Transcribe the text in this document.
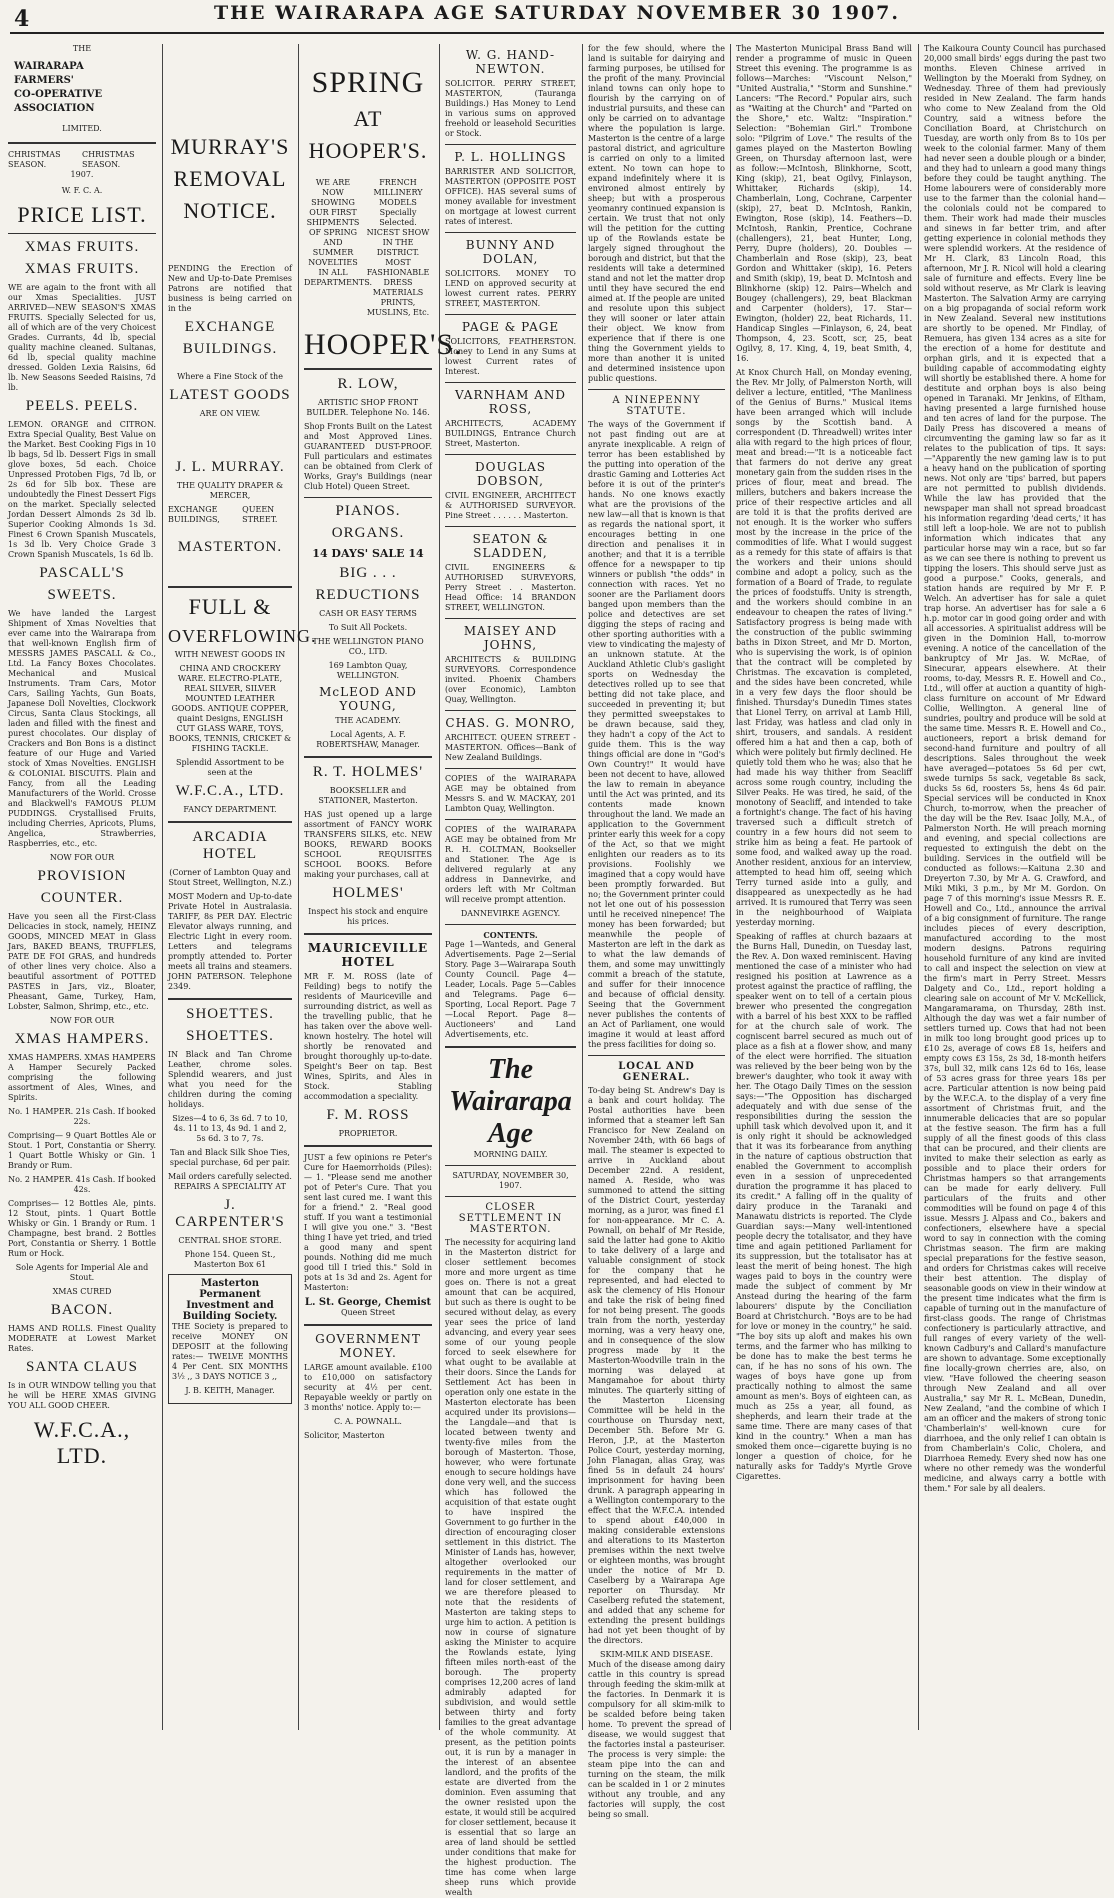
4	THE WAIRARAPA AGE SATURDAY NOVEMBER 30 1907.
THE
WAIRARAPA
FARMERS'
CO-OPERATIVE
ASSOCIATION
LIMITED.
CHRISTMAS SEASON.
CHRISTMAS SEASON.
1907.
W. F. C. A.
PRICE LIST.
XMAS FRUITS.
XMAS FRUITS.

WE are again to the front with all our Xmas Specialities. JUST ARRIVED—NEW SEASON'S XMAS FRUITS. Specially Selected for us, all of which are of the very Choicest Grades. Currants, 4d lb, special quality machine cleaned. Sultanas, 6d lb, special quality machine dressed. Golden Lexia Raisins, 6d lb. New Seasons Seeded Raisins, 7d lb.

PEELS. PEELS.

LEMON. ORANGE and CITRON. Extra Special Quality, Best Value on the Market. Best Cooking Figs in 10 lb bags, 5d lb. Dessert Figs in small glove boxes, 5d each. Choice Unpressed Protoben Figs, 7d lb, or 2s 6d for 5lb box. These are undoubtedly the Finest Dessert Figs on the market. Specially selected Jordan Dessert Almonds 2s 3d lb. Superior Cooking Almonds 1s 3d. Finest 6 Crown Spanish Muscatels, 1s 3d lb. Very Choice Grade 3 Crown Spanish Muscatels, 1s 6d lb.

PASCALL'S
SWEETS.

We have landed the Largest Shipment of Xmas Novelties that ever came into the Wairarapa from that well-known English firm of MESSRS JAMES PASCALL & Co., Ltd. La Fancy Boxes Chocolates. Mechanical and Musical Instruments. Tram Cars, Motor Cars, Sailing Yachts, Gun Boats, Japanese Doll Novelties, Clockwork Circus, Santa Claus Stockings, all laden and filled with the finest and purest chocolates. Our display of Crackers and Bon Bons is a distinct feature of our Huge and Varied stock of Xmas Novelties. ENGLISH & COLONIAL BISCUITS. Plain and Fancy, from all the Leading Manufacturers of the World. Crosse and Blackwell's FAMOUS PLUM PUDDINGS. Crystallised Fruits, including Cherries, Apricots, Plums, Angelica, Strawberries, Raspberries, etc., etc.

NOW FOR OUR
PROVISION
COUNTER.

Have you seen all the First-Class Delicacies in stock, namely, HEINZ GOODS, MINCED MEAT in Glass Jars, BAKED BEANS, TRUFFLES, PATE DE FOI GRAS, and hundreds of other lines very choice. Also a beautiful assortment of POTTED PASTES in Jars, viz., Bloater, Pheasant, Game, Turkey, Ham, Lobster, Salmon, Shrimp, etc., etc.

NOW FOR OUR
XMAS HAMPERS.
XMAS HAMPERS. XMAS HAMPERS

A Hamper Securely Packed comprising the following assortment of Ales, Wines, and Spirits.

No. 1 HAMPER. 21s Cash. If booked 22s.

Comprising— 9 Quart Bottles Ale or Stout. 1 Port, Constantia or Sherry. 1 Quart Bottle Whisky or Gin. 1 Brandy or Rum.

No. 2 HAMPER. 41s Cash. If booked 42s.

Comprises— 12 Bottles Ale, pints. 12 Stout, pints. 1 Quart Bottle Whisky or Gin. 1 Brandy or Rum. 1 Champagne, best brand. 2 Bottles Port, Constantia or Sherry. 1 Bottle Rum or Hock.

Sole Agents for Imperial Ale and Stout.

XMAS CURED
BACON.

HAMS AND ROLLS. Finest Quality MODERATE at Lowest Market Rates.

SANTA CLAUS

Is in OUR WINDOW telling you that he will be HERE XMAS GIVING YOU ALL GOOD CHEER.

W.F.C.A., LTD.
MURRAY'S
REMOVAL
NOTICE.

PENDING the Erection of New and Up-to-Date Premises Patrons are notified that business is being carried on in the

EXCHANGE
BUILDINGS.

Where a Fine Stock of the

LATEST GOODS

ARE ON VIEW.

J. L. MURRAY.

THE QUALITY DRAPER & MERCER,

EXCHANGE BUILDINGS,
QUEEN STREET.
MASTERTON.
FULL &
OVERFLOWING.

WITH NEWEST GOODS IN

CHINA AND CROCKERY WARE. ELECTRO-PLATE, REAL SILVER, SILVER MOUNTED LEATHER GOODS. ANTIQUE COPPER, quaint Designs, ENGLISH CUT GLASS WARE, TOYS, BOOKS, TENNIS, CRICKET & FISHING TACKLE.

Splendid Assortment to be seen at the

W.F.C.A., LTD.

FANCY DEPARTMENT.

ARCADIA HOTEL

(Corner of Lambton Quay and Stout Street, Wellington, N.Z.)

MOST Modern and Up-to-date Private Hotel in Australasia. TARIFF, 8s PER DAY. Electric Elevator always running, and Electric Light in every room. Letters and telegrams promptly attended to. Porter meets all trains and steamers. JOHN PATERSON. Telephone 2349.

SHOETTES.
SHOETTES.

IN Black and Tan Chrome Leather, chrome soles. Splendid wearers, and just what you need for the children during the coming holidays.

Sizes—4 to 6, 3s 6d. 7 to 10, 4s. 11 to 13, 4s 9d. 1 and 2, 5s 6d. 3 to 7, 7s.

Tan and Black Silk Shoe Ties, special purchase, 6d per pair.

Mail orders carefully selected. REPAIRS A SPECIALITY AT

J. CARPENTER'S

CENTRAL SHOE STORE.

Phone 154. Queen St., Masterton Box 61

Masterton Permanent
Investment and Building Society.

THE Society is prepared to receive MONEY ON DEPOSIT at the following rates:— TWELVE MONTHS 4 Per Cent. SIX MONTHS 3½ ,, 3 DAYS NOTICE 3 ,,

J. B. KEITH, Manager.

SPRING
AT
HOOPER'S.

WE ARE NOW SHOWING OUR FIRST SHIPMENTS OF SPRING AND SUMMER NOVELTIES IN ALL DEPARTMENTS.

FRENCH MILLINERY MODELS Specially Selected. NICEST SHOW IN THE DISTRICT. MOST FASHIONABLE DRESS MATERIALS PRINTS, MUSLINS, Etc.

HOOPER'S.
R. LOW,

ARTISTIC SHOP FRONT BUILDER. Telephone No. 146.

Shop Fronts Built on the Latest and Most Approved Lines. GUARANTEED DUST-PROOF. Full particulars and estimates can be obtained from Clerk of Works, Gray's Buildings (near Club Hotel) Queen Street.

PIANOS.
ORGANS.
14 DAYS' SALE 14
BIG . . .
REDUCTIONS

CASH OR EASY TERMS

To Suit All Pockets.

THE WELLINGTON PIANO CO., LTD.

169 Lambton Quay, WELLINGTON.

McLEOD AND YOUNG,

THE ACADEMY.

Local Agents, A. F. ROBERTSHAW, Manager.

R. T. HOLMES'

BOOKSELLER and STATIONER, Masterton.

HAS just opened up a large assortment of FANCY WORK TRANSFERS SILKS, etc. NEW BOOKS, REWARD BOOKS SCHOOL REQUISITES SCHOOL BOOKS. Before making your purchases, call at

HOLMES'

Inspect his stock and enquire his prices.

MAURICEVILLE HOTEL

MR F. M. ROSS (late of Feilding) begs to notify the residents of Mauriceville and surrounding district, as well as the travelling public, that he has taken over the above well-known hostelry. The hotel will shortly be renovated and brought thoroughly up-to-date. Speight's Beer on tap. Best Wines, Spirits, and Ales in Stock. Stabling accommodation a speciality.

F. M. ROSS

PROPRIETOR.

JUST a few opinions re Peter's Cure for Haemorrhoids (Piles):— 1. "Please send me another pot of Peter's Cure. That you sent last cured me. I want this for a friend." 2. "Real good stuff. If you want a testimonial I will give you one." 3. "Best thing I have yet tried, and tried a good many and spent pounds. Nothing did me much good till I tried this." Sold in pots at 1s 3d and 2s. Agent for Masterton:

L. St. George, Chemist

Queen Street

GOVERNMENT MONEY.

LARGE amount available. £100 to £10,000 on satisfactory security at 4½ per cent. Repayable weekly or partly on 3 months' notice. Apply to:—

C. A. POWNALL.

Solicitor, Masterton

W. G. HAND-NEWTON.

SOLICITOR. PERRY STREET, MASTERTON, (Tauranga Buildings.) Has Money to Lend in various sums on approved freehold or leasehold Securities or Stock.

P. L. HOLLINGS

BARRISTER AND SOLICITOR, MASTERTON (OPPOSITE POST OFFICE). HAS several sums of money available for investment on mortgage at lowest current rates of interest.

BUNNY AND DOLAN,

SOLICITORS. MONEY TO LEND on approved security at lowest current rates. PERRY STREET, MASTERTON.

PAGE & PAGE

SOLICITORS, FEATHERSTON. Money to Lend in any Sums at lowest Current rates of Interest.

VARNHAM AND ROSS,

ARCHITECTS, ACADEMY BUILDINGS, Entrance Church Street, Masterton.

DOUGLAS DOBSON,

CIVIL ENGINEER, ARCHITECT & AUTHORISED SURVEYOR. Pine Street . . . . . . Masterton.

SEATON & SLADDEN,

CIVIL ENGINEERS & AUTHORISED SURVEYORS, Perry Street . . Masterton. Head Office: 14 BRANDON STREET, WELLINGTON.

MAISEY AND JOHNS,

ARCHITECTS & BUILDING SURVEYORS. Correspondence invited. Phoenix Chambers (over Economic), Lambton Quay, Wellington.

CHAS. G. MONRO,

ARCHITECT. QUEEN STREET - MASTERTON. Offices—Bank of New Zealand Buildings.

COPIES of the WAIRARAPA AGE may be obtained from Messrs S. and W. MACKAY, 201 Lambton Quay, Wellington.

COPIES of the WAIRARAPA AGE may be obtained from Mr R. H. COLTMAN, Bookseller and Stationer. The Age is delivered regularly at any address in Dannevirke, and orders left with Mr Coltman will receive prompt attention.

DANNEVIRKE AGENCY.

CONTENTS.

Page 1—Wanteds, and General Advertisements. Page 2—Serial Story. Page 3—Wairarapa South County Council. Page 4—Leader, Locals. Page 5—Cables and Telegrams. Page 6—Sporting, Local Report. Page 7—Local Report. Page 8—Auctioneers' and Land Advertisements, etc.

The Wairarapa Age

MORNING DAILY.

SATURDAY, NOVEMBER 30, 1907.

CLOSER SETTLEMENT IN MASTERTON.

The necessity for acquiring land in the Masterton district for closer settlement becomes more and more urgent as time goes on. There is not a great amount that can be acquired, but such as there is ought to be secured without delay, as every year sees the price of land advancing, and every year sees some of our young people forced to seek elsewhere for what ought to be available at their doors. Since the Lands for Settlement Act has been in operation only one estate in the Masterton electorate has been acquired under its provisions—the Langdale—and that is located between twenty and twenty-five miles from the borough of Masterton. Those, however, who were fortunate enough to secure holdings have done very well, and the success which has followed the acquisition of that estate ought to have inspired the Government to go further in the direction of encouraging closer settlement in this district. The Minister of Lands has, however, altogether overlooked our requirements in the matter of land for closer settlement, and we are therefore pleased to note that the residents of Masterton are taking steps to urge him to action. A petition is now in course of signature asking the Minister to acquire the Rowlands estate, lying fifteen miles north-east of the borough. The property comprises 12,200 acres of land admirably adapted for subdivision, and would settle between thirty and forty families to the great advantage of the whole community. At present, as the petition points out, it is run by a manager in the interest of an absentee landlord, and the profits of the estate are diverted from the dominion. Even assuming that the owner resisted upon the estate, it would still be acquired for closer settlement, because it is essential that so large an area of land should be settled under conditions that make for the highest production. The time has come when large sheep runs which provide wealth

for the few should, where the land is suitable for dairying and farming purposes, be utilised for the profit of the many. Provincial inland towns can only hope to flourish by the carrying on of industrial pursuits, and these can only be carried on to advantage where the population is large. Masterton is the centre of a large pastoral district, and agriculture is carried on only to a limited extent. No town can hope to expand indefinitely where it is environed almost entirely by sheep; but with a prosperous yeomanry continued expansion is certain. We trust that not only will the petition for the cutting up of the Rowlands estate be largely signed throughout the borough and district, but that the residents will take a determined stand and not let the matter drop until they have secured the end aimed at. If the people are united and resolute upon this subject they will sooner or later attain their object. We know from experience that if there is one thing the Government yields to more than another it is united and determined insistence upon public questions.

A NINEPENNY STATUTE.

The ways of the Government if not past finding out are at anyrate inexplicable. A reign of terror has been established by the putting into operation of the drastic Gaming and Lotteries Act before it is out of the printer's hands. No one knows exactly what are the provisions of the new law—all that is known is that as regards the national sport, it encourages betting in one direction and penalises it in another; and that it is a terrible offence for a newspaper to tip winners or publish "the odds" in connection with races. Yet no sooner are the Parliament doors banged upon members than the police and detectives are set digging the steps of racing and other sporting authorities with a view to vindicating the majesty of an unknown statute. At the Auckland Athletic Club's gaslight sports on Wednesday the detectives rolled up to see that betting did not take place, and succeeded in preventing it; but they permitted sweepstakes to be drawn because, said they, they hadn't a copy of the Act to guide them. This is the way things official are done in "God's Own Country!" It would have been not decent to have, allowed the law to remain in abeyance until the Act was printed, and its contents made known throughout the land. We made an application to the Government printer early this week for a copy of the Act, so that we might enlighten our readers as to its provisions. Foolishly we imagined that a copy would have been promptly forwarded. But no; the Government printer could not let one out of his possession until he received ninepence! The money has been forwarded; but meanwhile the people of Masterton are left in the dark as to what the law demands of them, and some may unwittingly commit a breach of the statute, and suffer for their innocence and because of official density. Seeing that the Government never publishes the contents of an Act of Parliament, one would imagine it would at least afford the press facilities for doing so.

LOCAL AND GENERAL.

To-day being St. Andrew's Day is a bank and court holiday. The Postal authorities have been informed that a steamer left San Francisco for New Zealand on November 24th, with 66 bags of mail. The steamer is expected to arrive in Auckland about December 22nd. A resident, named A. Reside, who was summoned to attend the sitting of the District Court, yesterday morning, as a juror, was fined £1 for non-appearance. Mr C. A. Pownall, on behalf of Mr Reside, said the latter had gone to Akitio to take delivery of a large and valuable consignment of stock for the company that he represented, and had elected to ask the clemency of His Honour and take the risk of being fined for not being present. The goods train from the north, yesterday morning, was a very heavy one, and in consequence of the slow progress made by it the Masterton-Woodville train in the morning was delayed at Mangamahoe for about thirty minutes. The quarterly sitting of the Masterton Licensing Committee will be held in the courthouse on Thursday next, December 5th. Before Mr G. Heron, J.P., at the Masterton Police Court, yesterday morning, John Flanagan, alias Gray, was fined 5s in default 24 hours' imprisonment for having been drunk. A paragraph appearing in a Wellington contemporary to the effect that the W.F.C.A. intended to spend about £40,000 in making considerable extensions and alterations to its Masterton premises within the next twelve or eighteen months, was brought under the notice of Mr D. Caselberg by a Wairarapa Age reporter on Thursday. Mr Caselberg refuted the statement, and added that any scheme for extending the present buildings had not yet been thought of by the directors.

SKIM-MILK AND DISEASE.

Much of the disease among dairy cattle in this country is spread through feeding the skim-milk at the factories. In Denmark it is compulsory for all skim-milk to be scalded before being taken home. To prevent the spread of disease, we would suggest that the factories instal a pasteuriser. The process is very simple: the steam pipe into the can and turning on the steam, the milk can be scalded in 1 or 2 minutes without any trouble, and any factories will supply, the cost being so small.

The Masterton Municipal Brass Band will render a programme of music in Queen Street this evening. The programme is as follows—Marches: "Viscount Nelson," "United Australia," "Storm and Sunshine." Lancers: "The Record." Popular airs, such as "Waiting at the Church" and "Parted on the Shore," etc. Waltz: "Inspiration." Selection: "Bohemian Girl." Trombone solo: "Pilgrim of Love." The results of the games played on the Masterton Bowling Green, on Thursday afternoon last, were as follow:—McIntosh, Blinkhorne, Scott, King (skip), 21, beat Ogilvy, Finlayson, Whittaker, Richards (skip), 14. Chamberlain, Long, Cochrane, Carpenter (skip), 27, beat D. McIntosh, Rankin, Ewington, Rose (skip), 14. Feathers—D. McIntosh, Rankin, Prentice, Cochrane (challengers), 21, beat Hunter, Long, Perry, Dupre (holders), 20. Doubles — Chamberlain and Rose (skip), 23, beat Gordon and Whittaker (skip), 16. Peters and Smith (skip), 19, beat D. McIntosh and Blinkhorne (skip) 12. Pairs—Whelch and Bougey (challengers), 29, beat Blackman and Carpenter (holders), 17. Star—Ewington, (holder) 22, beat Richards, 11. Handicap Singles —Finlayson, 6, 24, beat Thompson, 4, 23. Scott, scr, 25, beat Ogilvy, 8, 17. King, 4, 19, beat Smith, 4, 16.

At Knox Church Hall, on Monday evening, the Rev. Mr Jolly, of Palmerston North, will deliver a lecture, entitled, "The Manliness of the Genius of Burns." Musical items have been arranged which will include songs by the Scottish band. A correspondent (D. Threadwell) writes inter alia with regard to the high prices of flour, meat and bread:—"It is a noticeable fact that farmers do not derive any great monetary gain from the sudden rises in the prices of flour, meat and bread. The millers, butchers and bakers increase the price of their respective articles and all are told it is that the profits derived are not enough. It is the worker who suffers most by the increase in the price of the commodities of life. What I would suggest as a remedy for this state of affairs is that the workers and their unions should combine and adopt a policy, such as the formation of a Board of Trade, to regulate the prices of foodstuffs. Unity is strength, and the workers should combine in an endeavour to cheapen the rates of living." Satisfactory progress is being made with the construction of the public swimming baths in Dixon Street, and Mr D. Morton, who is supervising the work, is of opinion that the contract will be completed by Christmas. The excavation is completed, and the sides have been concreted, while in a very few days the floor should be finished. Thursday's Dunedin Times states that Lionel Terry, on arrival at Lamb Hill, last Friday, was hatless and clad only in shirt, trousers, and sandals. A resident offered him a hat and then a cap, both of which were politely but firmly declined. He quietly told them who he was; also that he had made his way thither from Seacliff across some rough country, including the Silver Peaks. He was tired, he said, of the monotony of Seacliff, and intended to take a fortnight's change. The fact of his having traversed such a difficult stretch of country in a few hours did not seem to strike him as being a feat. He partook of some food, and walked away up the road. Another resident, anxious for an interview, attempted to head him off, seeing which Terry turned aside into a gully, and disappeared as unexpectedly as he had arrived. It is rumoured that Terry was seen in the neighbourhood of Waipiata yesterday morning.

Speaking of raffles at church bazaars at the Burns Hall, Dunedin, on Tuesday last, the Rev. A. Don waxed reminiscent. Having mentioned the case of a minister who had resigned his position at Lawrence as a protest against the practice of raffling, the speaker went on to tell of a certain pious brewer who presented the congregation with a barrel of his best XXX to be raffled for at the church sale of work. The cogniscent barrel secured as much out of place as a fish at a flower show, and many of the elect were horrified. The situation was relieved by the beer being won by the brewer's daughter, who took it away with her. The Otago Daily Times on the session says:—"The Opposition has discharged adequately and with due sense of the responsibilities during the session the uphill task which devolved upon it, and it is only right it should be acknowledged that it was its forbearance from anything in the nature of captious obstruction that enabled the Government to accomplish even in a session of unprecedented duration the programme it has placed to its credit." A falling off in the quality of dairy produce in the Taranaki and Manawatu districts is reported. The Clyde Guardian says:—Many well-intentioned people decry the totalisator, and they have time and again petitioned Parliament for its suppression, but the totalisator has at least the merit of being honest. The high wages paid to boys in the country were made the subject of comment by Mr Anstead during the hearing of the farm labourers' dispute by the Conciliation Board at Christchurch. "Boys are to be had for love or money in the country," he said. "The boy sits up aloft and makes his own terms, and the farmer who has milking to be done has to make the best terms he can, if he has no sons of his own. The wages of boys have gone up from practically nothing to almost the same amount as men's. Boys of eighteen can, as much as 25s a year, all found, as shepherds, and learn their trade at the same time. There are many cases of that kind in the country." When a man has smoked them once—cigarette buying is no longer a question of choice, for he naturally asks for Taddy's Myrtle Grove Cigarettes.

The Kaikoura County Council has purchased 20,000 small birds' eggs during the past two months. Eleven Chinese arrived in Wellington by the Moeraki from Sydney, on Wednesday. Three of them had previously resided in New Zealand. The farm hands who come to New Zealand from the Old Country, said a witness before the Conciliation Board, at Christchurch on Tuesday, are worth only from 8s to 10s per week to the colonial farmer. Many of them had never seen a double plough or a binder, and they had to unlearn a good many things before they could be taught anything. The Home labourers were of considerably more use to the farmer than the colonial hand—the colonials could not be compared to them. Their work had made their muscles and sinews in far better trim, and after getting experience in colonial methods they were splendid workers. At the residence of Mr H. Clark, 83 Lincoln Road, this afternoon, Mr J. R. Nicol will hold a clearing sale of furniture and effects. Every line be sold without reserve, as Mr Clark is leaving Masterton. The Salvation Army are carrying on a big propaganda of social reform work in New Zealand. Several new institutions are shortly to be opened. Mr Findlay, of Remuera, has given 134 acres as a site for the erection of a home for destitute and orphan girls, and it is expected that a building capable of accommodating eighty will shortly be established there. A home for destitute and orphan boys is also being opened in Taranaki. Mr Jenkins, of Eltham, having presented a large furnished house and ten acres of land for the purpose. The Daily Press has discovered a means of circumventing the gaming law so far as it relates to the publication of tips. It says:—"Apparently the new gaming law is to put a heavy hand on the publication of sporting news. Not only are 'tips' barred, but papers are not permitted to publish dividends. While the law has provided that the newspaper man shall not spread broadcast his information regarding 'dead certs,' it has still left a loop-hole. We are not to publish information which indicates that any particular horse may win a race, but so far as we can see there is nothing to prevent us tipping the losers. This should serve just as good a purpose." Cooks, generals, and station hands are required by Mr F. P. Welch. An advertiser has for sale a quiet trap horse. An advertiser has for sale a 6 h.p. motor car in good going order and with all accessories. A spiritualist address will be given in the Dominion Hall, to-morrow evening. A notice of the cancellation of the bankruptcy of Mr Jas. W. McRae, of Sinecurar, appears elsewhere. At their rooms, to-day, Messrs R. E. Howell and Co., Ltd., will offer at auction a quantity of high-class furniture on account of Mr Edward Collie, Wellington. A general line of sundries, poultry and produce will be sold at the same time. Messrs R. E. Howell and Co., auctioneers, report a brisk demand for second-hand furniture and poultry of all descriptions. Sales throughout the week have averaged—potatoes 5s 6d per cwt, swede turnips 5s sack, vegetable 8s sack, ducks 5s 6d, roosters 5s, hens 4s 6d pair. Special services will be conducted in Knox Church, to-morrow, when the preacher of the day will be the Rev. Isaac Jolly, M.A., of Palmerston North. He will preach morning and evening, and special collections are requested to extinguish the debt on the building. Services in the outfield will be conducted as follows:—Kaituna 2.30 and Dreyerton 7.30, by Mr A. G. Crawford, and Miki Miki, 3 p.m., by Mr M. Gordon. On page 7 of this morning's issue Messrs R. E. Howell and Co., Ltd., announce the arrival of a big consignment of furniture. The range includes pieces of every description, manufactured according to the most modern designs. Patrons requiring household furniture of any kind are invited to call and inspect the selection on view at the firm's mart in Perry Street. Messrs Dalgety and Co., Ltd., report holding a clearing sale on account of Mr V. McKellick, Mangaramarama, on Thursday, 28th inst. Although the day was wet a fair number of settlers turned up. Cows that had not been in milk too long brought good prices up to £10 2s, average of cows £8 1s, heifers and empty cows £3 15s, 2s 3d, 18-month heifers 37s, bull 32, milk cans 12s 6d to 16s, lease of 53 acres grass for three years 18s per acre. Particular attention is now being paid by the W.F.C.A. to the display of a very fine assortment of Christmas fruit, and the innumerable delicacies that are so popular at the festive season. The firm has a full supply of all the finest goods of this class that can be procured, and their clients are invited to make their selection as early as possible and to place their orders for Christmas hampers so that arrangements can be made for early delivery. Full particulars of the fruits and other commodities will be found on page 4 of this issue. Messrs J. Alpass and Co., bakers and confectioners, elsewhere have a special word to say in connection with the coming Christmas season. The firm are making special preparations for the festive season, and orders for Christmas cakes will receive their best attention. The display of seasonable goods on view in their window at the present time indicates what the firm is capable of turning out in the manufacture of first-class goods. The range of Christmas confectionery is particularly attractive, and full ranges of every variety of the well-known Cadbury's and Callard's manufacture are shown to advantage. Some exceptionally fine locally-grown cherries are, also, on view. "Have followed the cheering season through New Zealand and all over Australia," say Mr R. L. McBean, Dunedin, New Zealand, "and the combine of which I am an officer and the makers of strong tonic 'Chamberlain's' well-known cure for diarrhoea, and the only relief I can obtain is from Chamberlain's Colic, Cholera, and Diarrhoea Remedy. Every shed now has one where no other remedy was the wonderful medicine, and always carry a bottle with them." For sale by all dealers.
